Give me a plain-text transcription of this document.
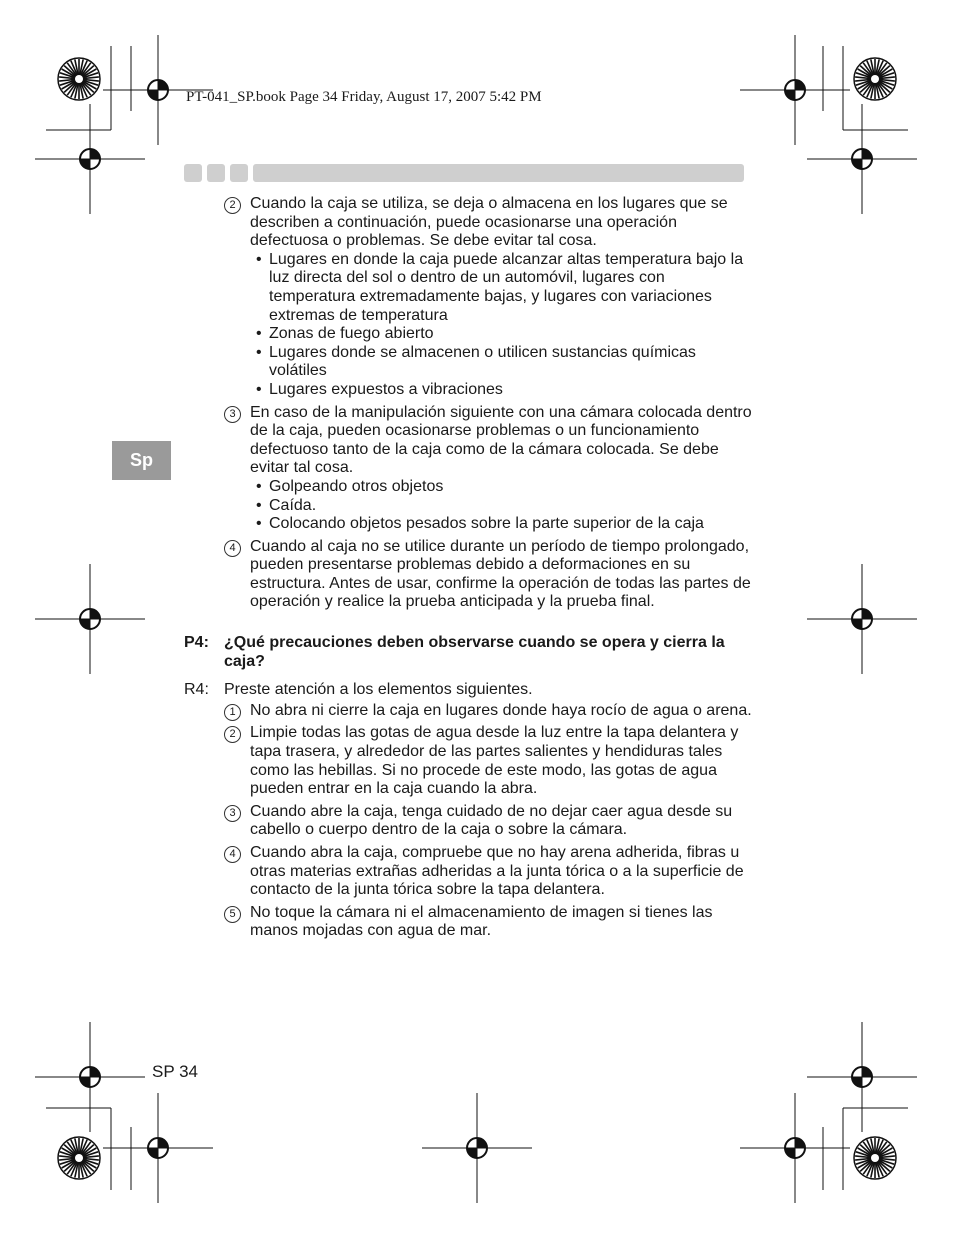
PT-041_SP.book Page 34 Friday, August 17, 2007 5:42 PM
Sp
2 Cuando la caja se utiliza, se deja o almacena en los lugares que se describen a continuación, puede ocasionarse una operación defectuosa o problemas. Se debe evitar tal cosa.
• Lugares en donde la caja puede alcanzar altas temperatura bajo la luz directa del sol o dentro de un automóvil, lugares con temperatura extremadamente bajas, y lugares con variaciones extremas de temperatura
• Zonas de fuego abierto
• Lugares donde se almacenen o utilicen sustancias químicas volátiles
• Lugares expuestos a vibraciones
3 En caso de la manipulación siguiente con una cámara colocada dentro de la caja, pueden ocasionarse problemas o un funcionamiento defectuoso tanto de la caja como de la cámara colocada. Se debe evitar tal cosa.
• Golpeando otros objetos
• Caída.
• Colocando objetos pesados sobre la parte superior de la caja
4 Cuando al caja no se utilice durante un período de tiempo prolongado, pueden presentarse problemas debido a deformaciones en su estructura. Antes de usar, confirme la operación de todas las partes de operación y realice la prueba anticipada y la prueba final.
P4: ¿Qué precauciones deben observarse cuando se opera y cierra la caja?
R4: Preste atención a los elementos siguientes.
1 No abra ni cierre la caja en lugares donde haya rocío de agua o arena.
2 Limpie todas las gotas de agua desde la luz entre la tapa delantera y tapa trasera, y alrededor de las partes salientes y hendiduras tales como las hebillas. Si no procede de este modo, las gotas de agua pueden entrar en la caja cuando la abra.
3 Cuando abre la caja, tenga cuidado de no dejar caer agua desde su cabello o cuerpo dentro de la caja o sobre la cámara.
4 Cuando abra la caja, compruebe que no hay arena adherida, fibras u otras materias extrañas adheridas a la junta tórica o a la superficie de contacto de la junta tórica sobre la tapa delantera.
5 No toque la cámara ni el almacenamiento de imagen si tienes las manos mojadas con agua de mar.
SP 34
